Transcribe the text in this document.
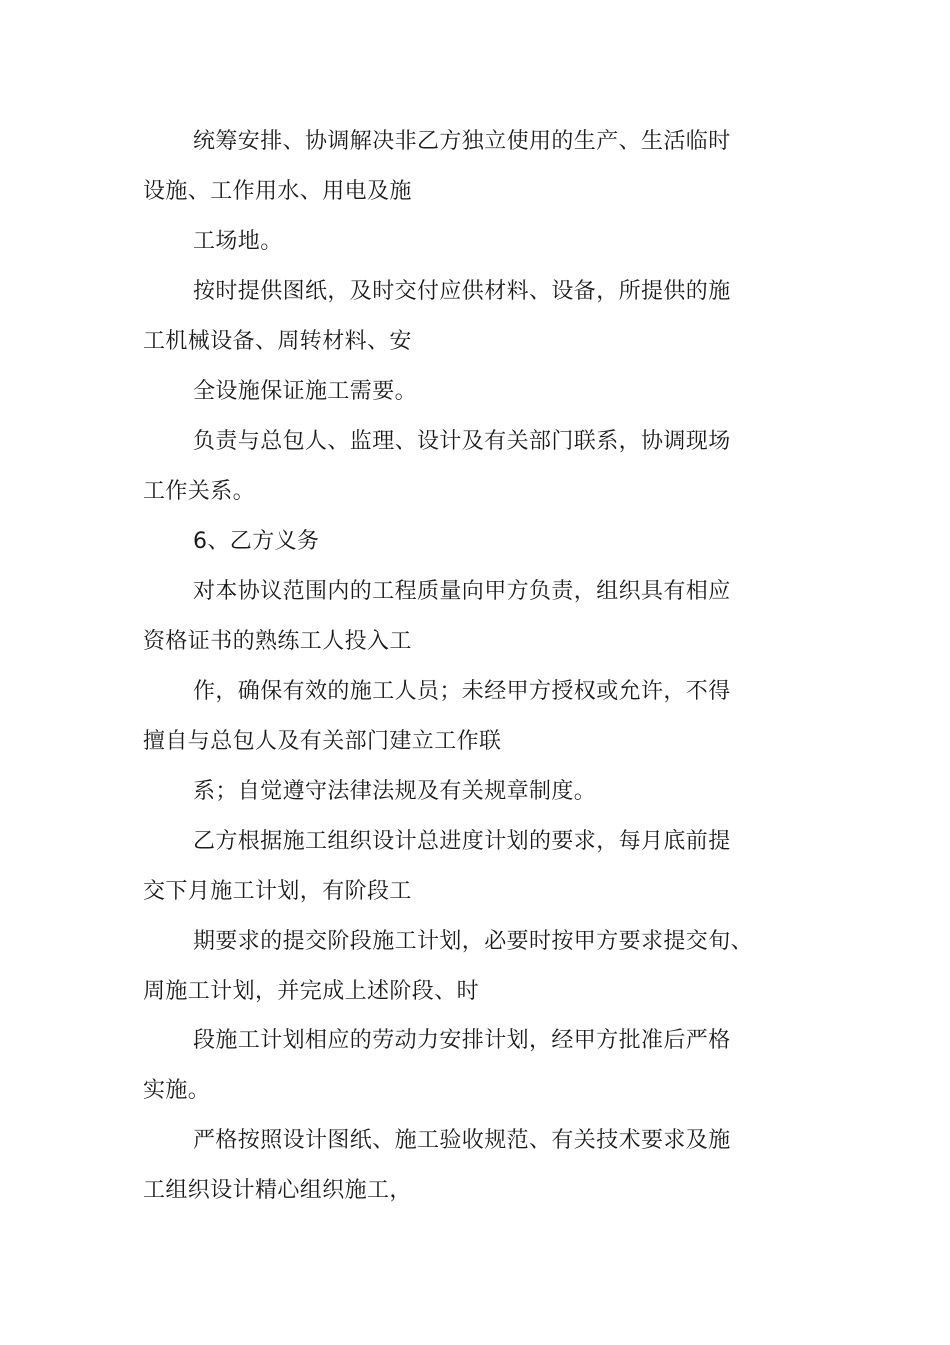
统筹安排、协调解决非乙方独立使用的生产、生活临时
设施、工作用水、用电及施
工场地。
按时提供图纸，及时交付应供材料、设备，所提供的施
工机械设备、周转材料、安
全设施保证施工需要。
负责与总包人、监理、设计及有关部门联系，协调现场
工作关系。
6、乙方义务
对本协议范围内的工程质量向甲方负责，组织具有相应
资格证书的熟练工人投入工
作，确保有效的施工人员；未经甲方授权或允许，不得
擅自与总包人及有关部门建立工作联
系；自觉遵守法律法规及有关规章制度。
乙方根据施工组织设计总进度计划的要求，每月底前提
交下月施工计划，有阶段工
期要求的提交阶段施工计划，必要时按甲方要求提交旬、
周施工计划，并完成上述阶段、时
段施工计划相应的劳动力安排计划，经甲方批准后严格
实施。
严格按照设计图纸、施工验收规范、有关技术要求及施
工组织设计精心组织施工，
